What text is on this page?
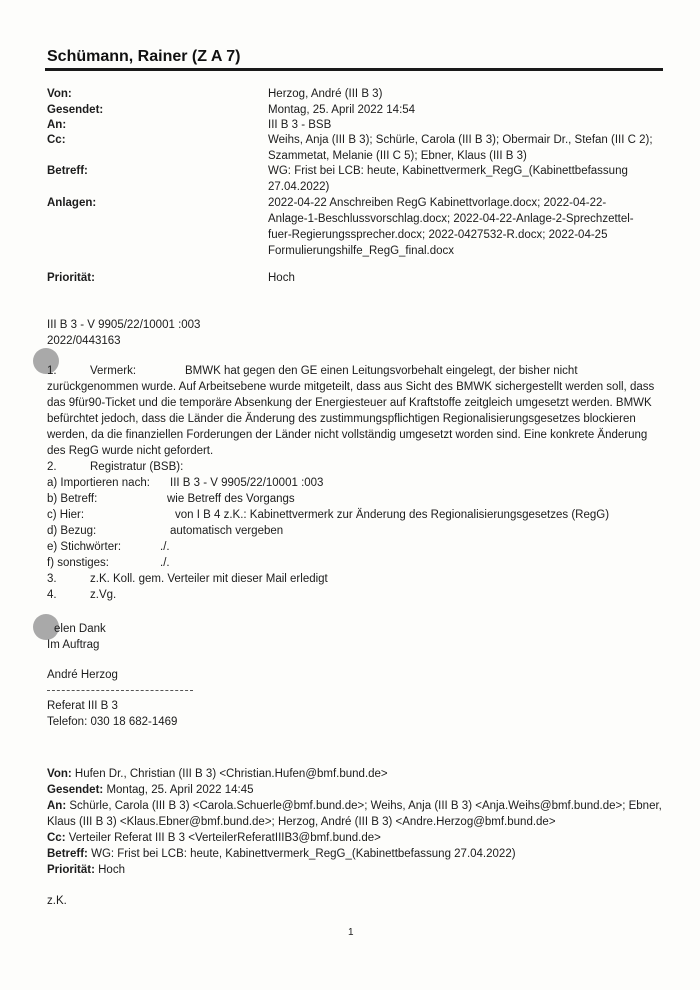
Schümann, Rainer (Z A 7)
Von:	Herzog, André (III B 3)
Gesendet:	Montag, 25. April 2022 14:54
An:	III B 3 - BSB
Cc:	Weihs, Anja (III B 3); Schürle, Carola (III B 3); Obermair Dr., Stefan (III C 2); Szammetat, Melanie (III C 5); Ebner, Klaus (III B 3)
Betreff:	WG: Frist bei LCB: heute, Kabinettvermerk_RegG_(Kabinettbefassung 27.04.2022)
Anlagen:	2022-04-22 Anschreiben RegG Kabinettvorlage.docx; 2022-04-22-Anlage-1-Beschlussvorschlag.docx; 2022-04-22-Anlage-2-Sprechzettel-fuer-Regierungssprecher.docx; 2022-0427532-R.docx; 2022-04-25 Formulierungshilfe_RegG_final.docx
Priorität:	Hoch
III B 3 - V 9905/22/10001 :003
2022/0443163
1.	Vermerk:	BMWK hat gegen den GE einen Leitungsvorbehalt eingelegt, der bisher nicht
zurückgenommen wurde. Auf Arbeitsebene wurde mitgeteilt, dass aus Sicht des BMWK sichergestellt werden soll, dass das 9für90-Ticket und die temporäre Absenkung der Energiesteuer auf Kraftstoffe zeitgleich umgesetzt werden. BMWK befürchtet jedoch, dass die Länder die Änderung des zustimmungspflichtigen Regionalisierungsgesetzes blockieren werden, da die finanziellen Forderungen der Länder nicht vollständig umgesetzt worden sind. Eine konkrete Änderung des RegG wurde nicht gefordert.
2.	Registratur (BSB):
a) Importieren nach: III B 3 - V 9905/22/10001 :003
b) Betreff:	wie Betreff des Vorgangs
c) Hier:	von I B 4 z.K.: Kabinettvermerk zur Änderung des Regionalisierungsgesetzes (RegG)
d) Bezug:	automatisch vergeben
e) Stichwörter:	./.
f) sonstiges:	./.
3.	z.K. Koll. gem. Verteiler mit dieser Mail erledigt
4.	z.Vg.
elen Dank
Im Auftrag
André Herzog
Referat III B 3
Telefon: 030 18 682-1469
Von: Hufen Dr., Christian (III B 3) <Christian.Hufen@bmf.bund.de>
Gesendet: Montag, 25. April 2022 14:45
An: Schürle, Carola (III B 3) <Carola.Schuerle@bmf.bund.de>; Weihs, Anja (III B 3) <Anja.Weihs@bmf.bund.de>; Ebner, Klaus (III B 3) <Klaus.Ebner@bmf.bund.de>; Herzog, André (III B 3) <Andre.Herzog@bmf.bund.de>
Cc: Verteiler Referat III B 3 <VerteilerReferatIIIB3@bmf.bund.de>
Betreff: WG: Frist bei LCB: heute, Kabinettvermerk_RegG_(Kabinettbefassung 27.04.2022)
Priorität: Hoch
z.K.
1
